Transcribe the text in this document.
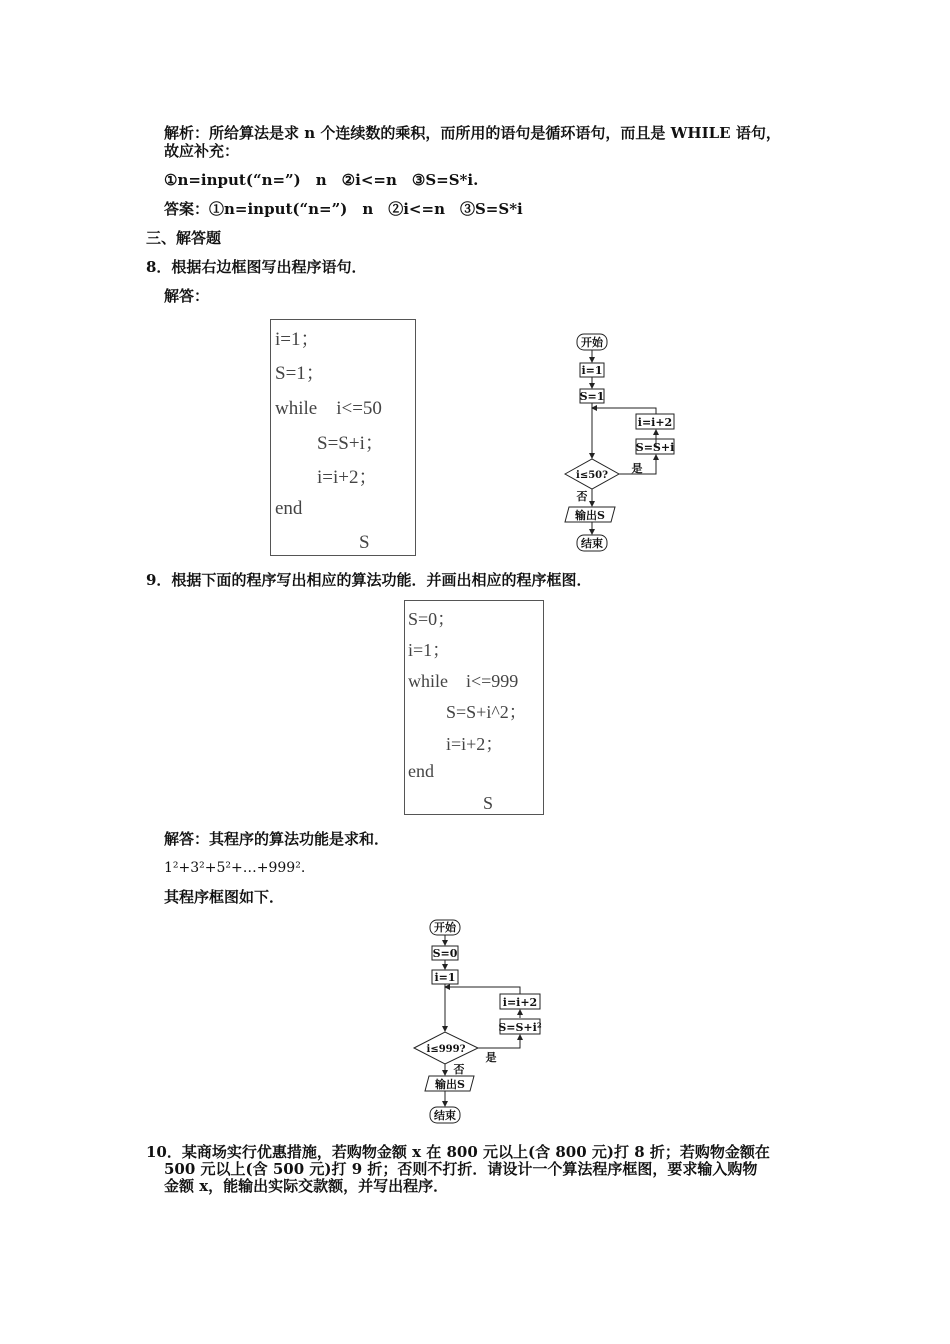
解析：所给算法是求 n 个连续数的乘积，而所用的语句是循环语句，而且是 WHILE 语句，
故应补充：
①n=input(“n=”)　n　②i<=n　③S=S*i.
答案：①n=input(“n=”)　n　②i<=n　③S=S*i
三、解答题
8．根据右边框图写出程序语句．
解答：
i=1；
S=1；
while　i<=50
S=S+i；
i=i+2；
end
S
开始
i=1
S=1
i=i+2
S=S+i
i≤50?
是
否
输出S
结束
9．根据下面的程序写出相应的算法功能．并画出相应的程序框图．
S=0；
i=1；
while　i<=999
S=S+i^2；
i=i+2；
end
S
解答：其程序的算法功能是求和．
1²+3²+5²+…+999².
其程序框图如下．
开始
S=0
i=1
i=i+2
S=S+i²
i≤999?
是
否
输出S
结束
10．某商场实行优惠措施，若购物金额 x 在 800 元以上(含 800 元)打 8 折；若购物金额在
500 元以上(含 500 元)打 9 折；否则不打折．请设计一个算法程序框图，要求输入购物
金额 x，能输出实际交款额，并写出程序．
